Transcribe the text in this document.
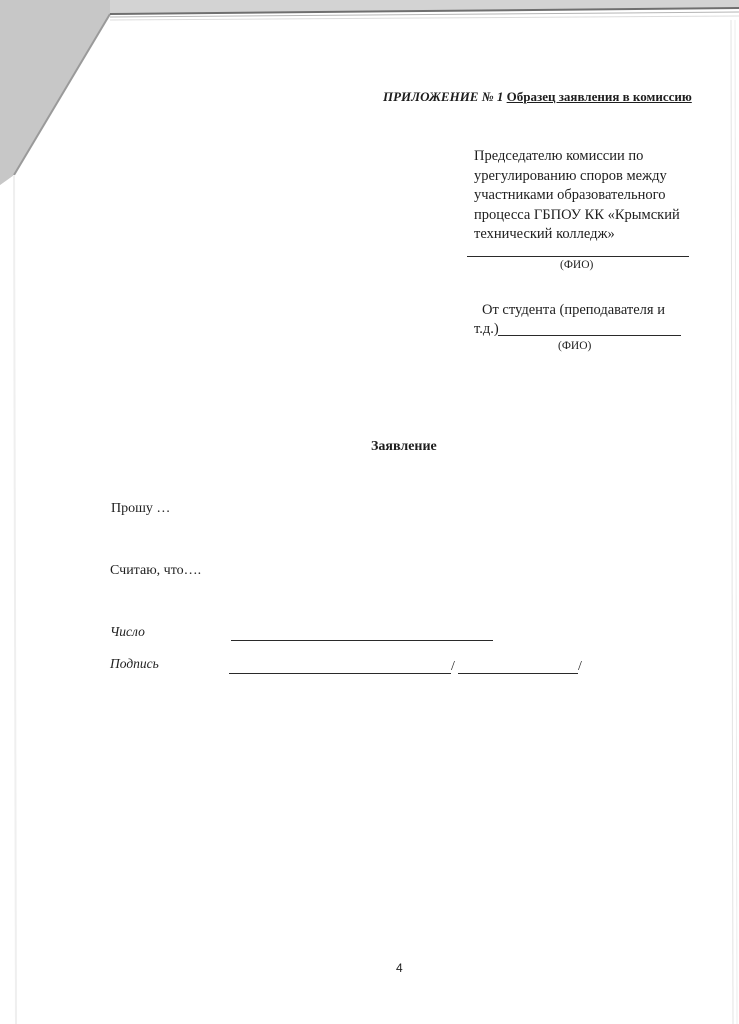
ПРИЛОЖЕНИЕ № 1 Образец заявления в комиссию
Председателю комиссии по урегулированию споров между участниками образовательного процесса ГБПОУ КК «Крымский технический колледж»
(ФИО)
От студента (преподавателя и
т.д.)
(ФИО)
Заявление
Прошу …
Считаю, что….
Число
Подпись	/	/
4
